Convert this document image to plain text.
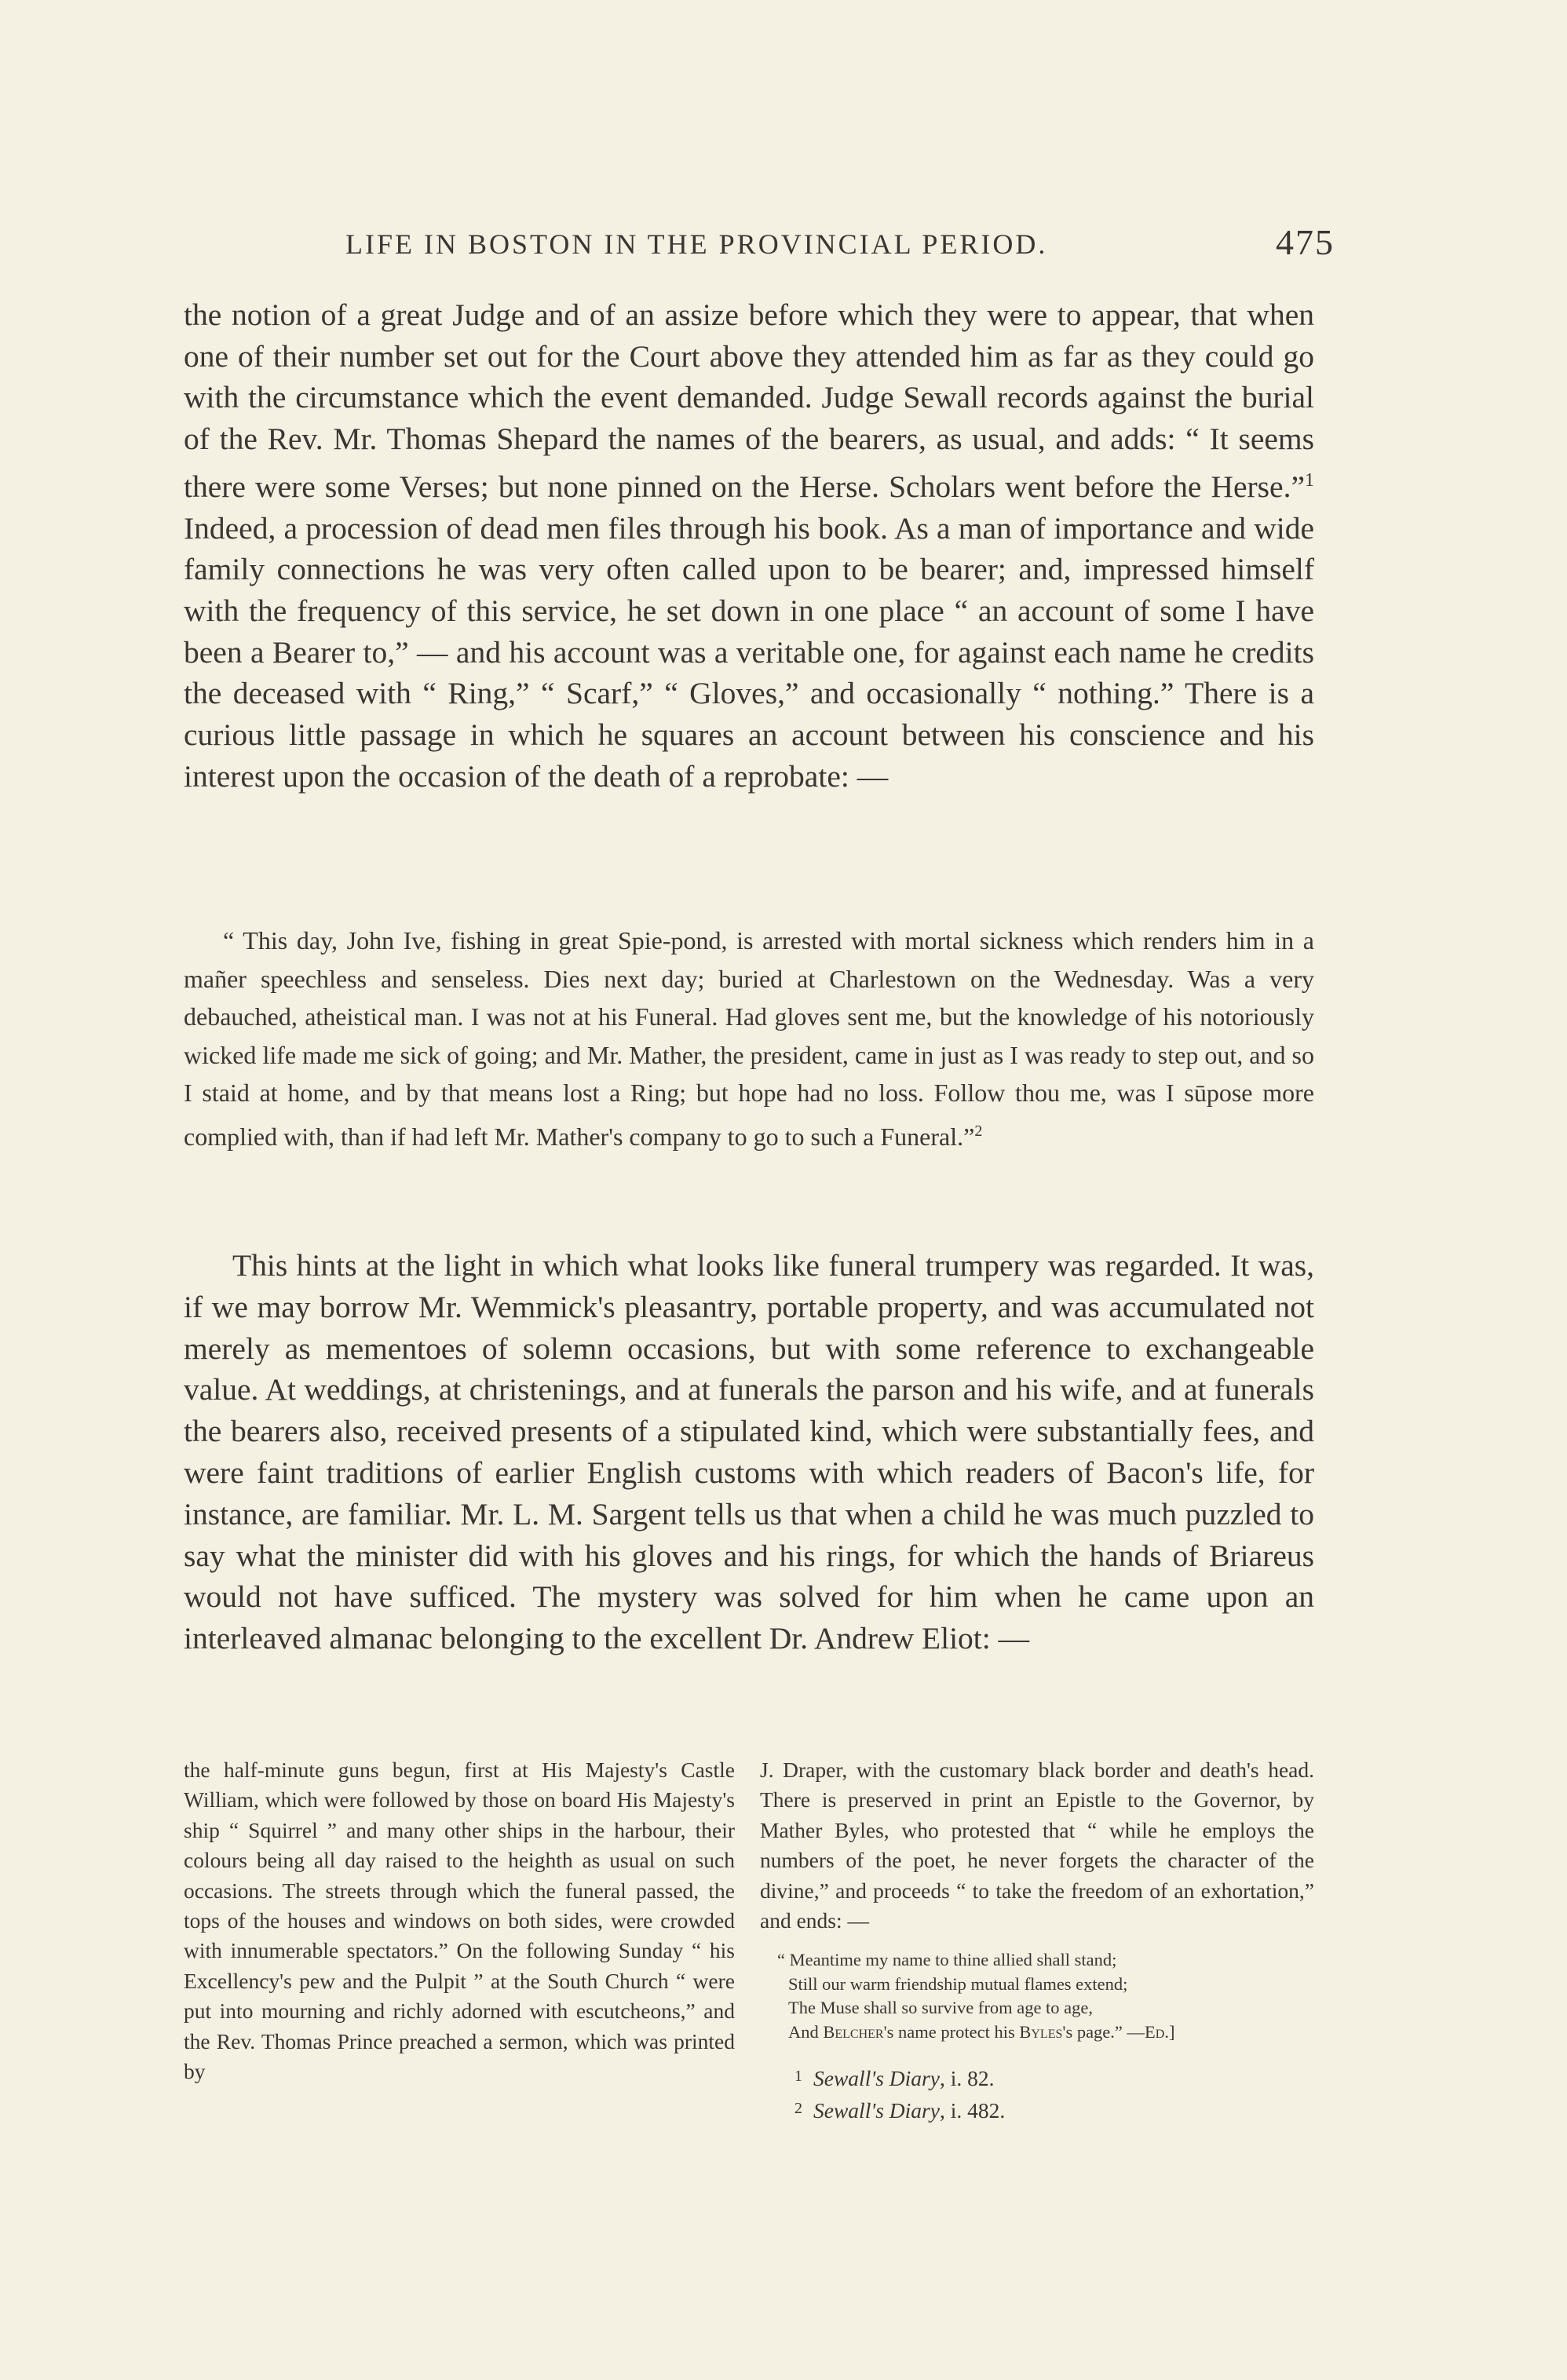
LIFE IN BOSTON IN THE PROVINCIAL PERIOD.	475

the notion of a great Judge and of an assize before which they were to appear, that when one of their number set out for the Court above they attended him as far as they could go with the circumstance which the event demanded. Judge Sewall records against the burial of the Rev. Mr. Thomas Shepard the names of the bearers, as usual, and adds: “ It seems there were some Verses; but none pinned on the Herse. Scholars went before the Herse.”$^1$ Indeed, a procession of dead men files through his book. As a man of importance and wide family connections he was very often called upon to be bearer; and, impressed himself with the frequency of this service, he set down in one place “ an account of some I have been a Bearer to,” — and his account was a veritable one, for against each name he credits the deceased with “ Ring,” “ Scarf,” “ Gloves,” and occasionally “ nothing.” There is a curious little passage in which he squares an account between his conscience and his interest upon the occasion of the death of a reprobate: —

“ This day, John Ive, fishing in great Spie-pond, is arrested with mortal sickness which renders him in a mañer speechless and senseless. Dies next day; buried at Charlestown on the Wednesday. Was a very debauched, atheistical man. I was not at his Funeral. Had gloves sent me, but the knowledge of his notoriously wicked life made me sick of going; and Mr. Mather, the president, came in just as I was ready to step out, and so I staid at home, and by that means lost a Ring; but hope had no loss. Follow thou me, was I sūpose more complied with, than if had left Mr. Mather's company to go to such a Funeral.”$^2$

This hints at the light in which what looks like funeral trumpery was regarded. It was, if we may borrow Mr. Wemmick's pleasantry, portable property, and was accumulated not merely as mementoes of solemn occasions, but with some reference to exchangeable value. At weddings, at christenings, and at funerals the parson and his wife, and at funerals the bearers also, received presents of a stipulated kind, which were substantially fees, and were faint traditions of earlier English customs with which readers of Bacon's life, for instance, are familiar. Mr. L. M. Sargent tells us that when a child he was much puzzled to say what the minister did with his gloves and his rings, for which the hands of Briareus would not have sufficed. The mystery was solved for him when he came upon an interleaved almanac belonging to the excellent Dr. Andrew Eliot: —

the half-minute guns begun, first at His Majesty's Castle William, which were followed by those on board His Majesty's ship “ Squirrel ” and many other ships in the harbour, their colours being all day raised to the heighth as usual on such occasions. The streets through which the funeral passed, the tops of the houses and windows on both sides, were crowded with innumerable spectators.” On the following Sunday “ his Excellency's pew and the Pulpit ” at the South Church “ were put into mourning and richly adorned with escutcheons,” and the Rev. Thomas Prince preached a sermon, which was printed by

J. Draper, with the customary black border and death's head. There is preserved in print an Epistle to the Governor, by Mather Byles, who protested that “ while he employs the numbers of the poet, he never forgets the character of the divine,” and proceeds “ to take the freedom of an exhortation,” and ends: —

“ Meantime my name to thine allied shall stand;
Still our warm friendship mutual flames extend;
The Muse shall so survive from age to age,
And Belcher's name protect his Byles's page.” —Ed.]
$^1$ Sewall's Diary, i. 82.
$^2$ Sewall's Diary, i. 482.
